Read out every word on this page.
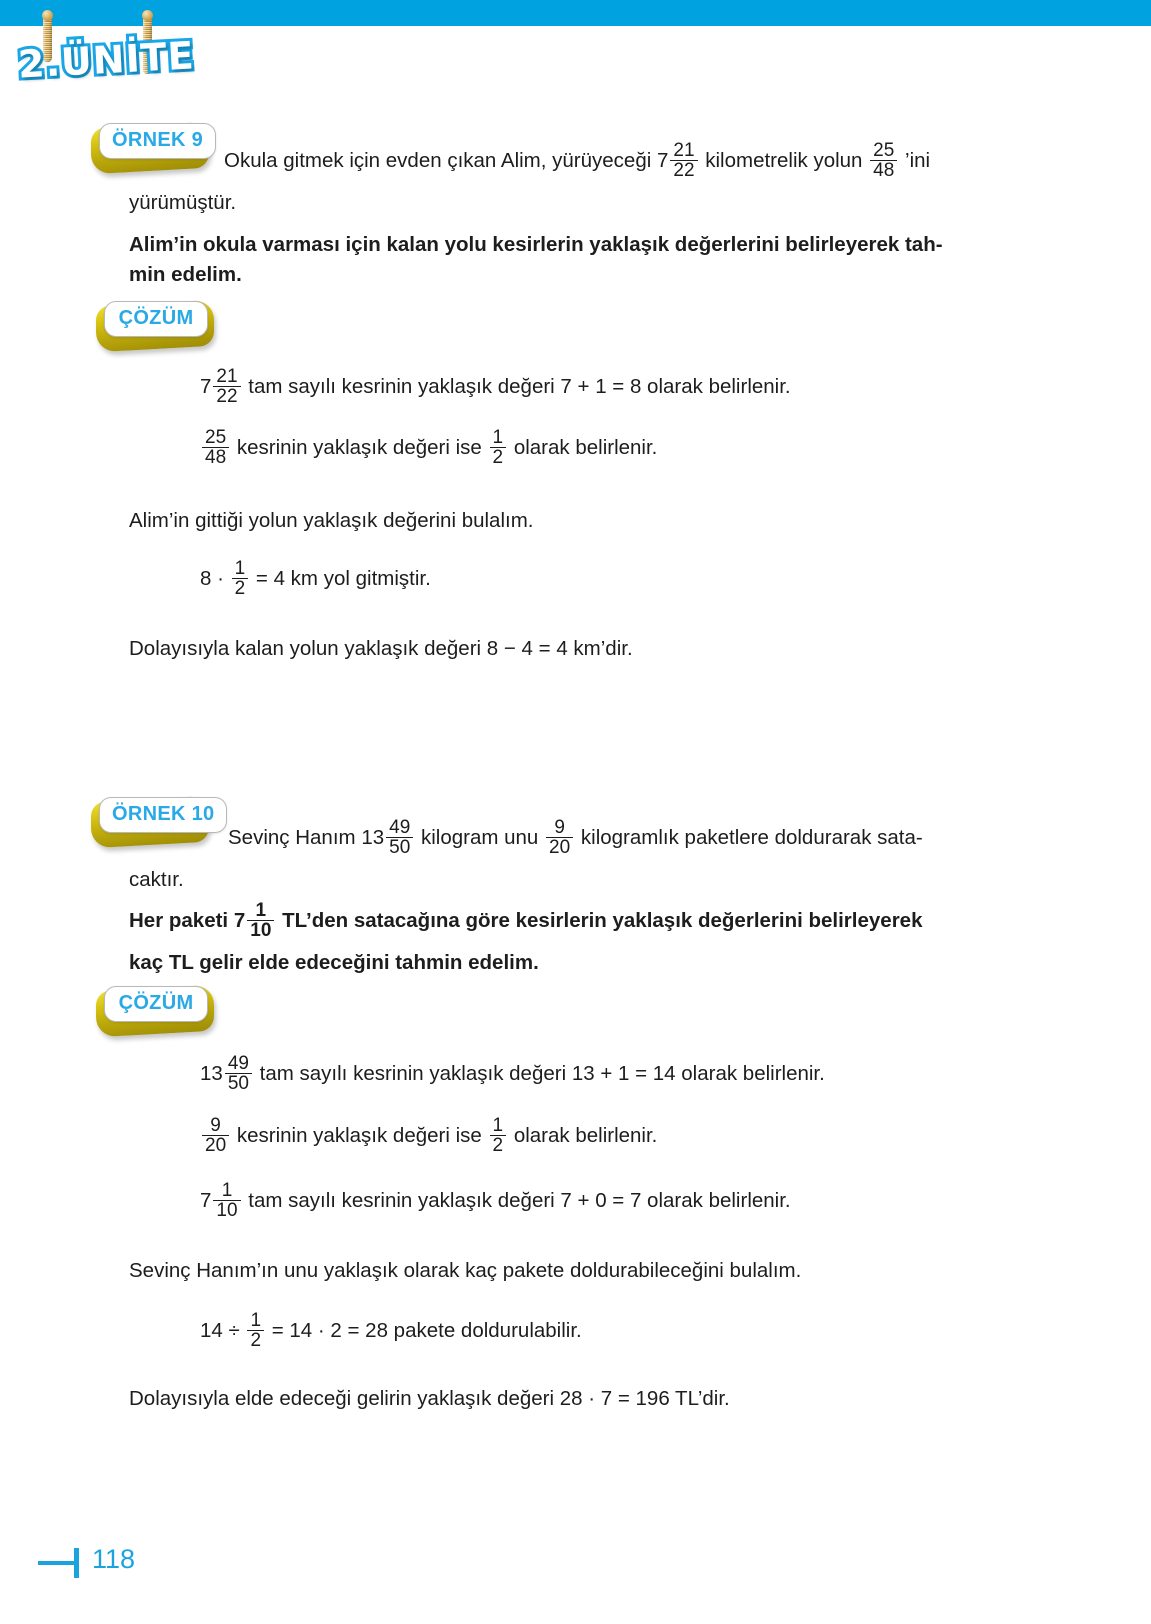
2.ÜNİTE
ÖRNEK 9
Okula gitmek için evden çıkan Alim, yürüyeceği $7 \frac{21}{22}$ kilometrelik yolun $\frac{25}{48}$ ’ini
yürümüştür.
Alim’in okula varması için kalan yolu kesirlerin yaklaşık değerlerini belirleyerek tah-
min edelim.
ÇÖZÜM
$7 \frac{21}{22}$ tam sayılı kesrinin yaklaşık değeri 7 + 1 = 8 olarak belirlenir.
$\frac{25}{48}$ kesrinin yaklaşık değeri ise $\frac{1}{2}$ olarak belirlenir.
Alim’in gittiği yolun yaklaşık değerini bulalım.
$8 \cdot \frac{1}{2} = 4$ km yol gitmiştir.
Dolayısıyla kalan yolun yaklaşık değeri 8 − 4 = 4 km’dir.
ÖRNEK 10
Sevinç Hanım $13 \frac{49}{50}$ kilogram unu $\frac{9}{20}$ kilogramlık paketlere doldurarak sata-
caktır.
Her paketi $7 \frac{1}{10}$ TL’den satacağına göre kesirlerin yaklaşık değerlerini belirleyerek
kaç TL gelir elde edeceğini tahmin edelim.
ÇÖZÜM
$13 \frac{49}{50}$ tam sayılı kesrinin yaklaşık değeri 13 + 1 = 14 olarak belirlenir.
$\frac{9}{20}$ kesrinin yaklaşık değeri ise $\frac{1}{2}$ olarak belirlenir.
$7 \frac{1}{10}$ tam sayılı kesrinin yaklaşık değeri 7 + 0 = 7 olarak belirlenir.
Sevinç Hanım’ın unu yaklaşık olarak kaç pakete doldurabileceğini bulalım.
$14 \div \frac{1}{2} = 14 \cdot 2 = 28$ pakete doldurulabilir.
Dolayısıyla elde edeceği gelirin yaklaşık değeri 28 · 7 = 196 TL’dir.
118
